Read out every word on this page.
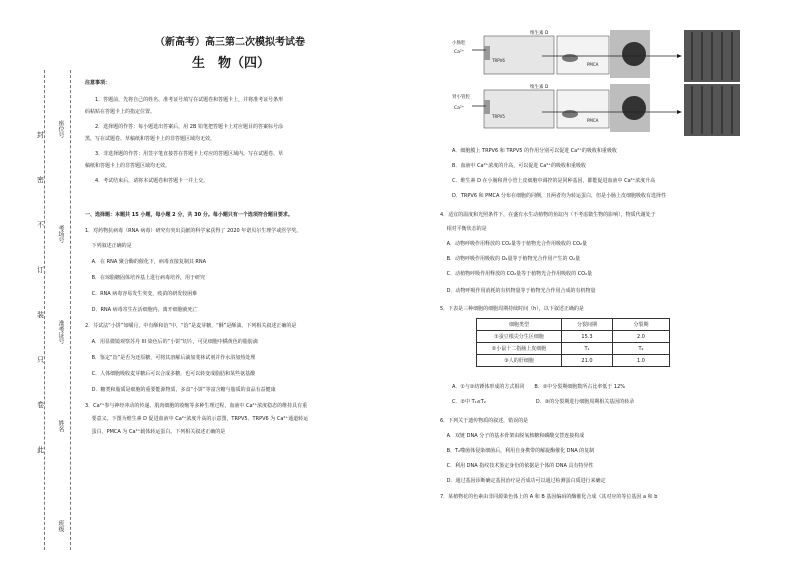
封
密
不
订
装
只
卷
此
准考证号
考场号
座位号
姓名
班级
（新高考）高三第二次模拟考试卷
生　物（四）
注意事项：
1．答题前，先将自己的姓名、准考证号填写在试题卷和答题卡上，并将准考证号条形
码粘贴在答题卡上的指定位置。
2．选择题的作答：每小题选出答案后，用 2B 铅笔把答题卡上对应题目的答案标号涂
黑，写在试题卷、草稿纸和答题卡上的非答题区域均无效。
3．非选择题的作答：用签字笔直接答在答题卡上对应的答题区域内。写在试题卷、草
稿纸和答题卡上的非答题区域均无效。
4．考试结束后，请将本试题卷和答题卡一并上交。
一、选择题：本题共 15 小题，每小题 2 分，共 30 分。每小题只有一个选项符合题目要求。
1．对药物抗病毒（RNA 病毒）研究有突出贡献的科学家获得了 2020 年诺贝尔生理学或医学奖。
　 下列叙述正确的是
　 A．在 RNA 聚合酶的催化下，病毒直接复制其 RNA
　 B．在琼脂糖固体培养基上进行病毒培养，用于研究
　 C．RNA 病毒容易发生突变，疫苗的研发较困难
　 D．RNA 病毒寄生在活细胞内，离开细胞就死亡
2．芬试法“小饼”如嚼月，中有酥和饴”中，“饴”是麦芽糖，“酥”是酥油。下列相关叙述正确的是
　 A．用显微镜观察苏丹 III 染色后的“小饼”切片，可见细胞中橘黄色的脂肪滴
　 B．鉴定“饴”是否为还原糖，可将其溶解后滴加斐林试剂并作水浴加热处理
　 C．人体细胞吸收麦芽糖后可以合成多糖，也可以转变成脂肪和某些氨基酸
　 D．糖类和脂质是细胞的重要能源物质，多食“小饼”等富含糖与脂质的食品有益健康
3．Ca²⁺参与神经冲动的传递、肌肉细胞的收缩等多种生理过程，血液中 Ca²⁺浓度稳态的维持具有重
　 要意义。下图为维生素 D 促进血液中 Ca²⁺浓度升高的示意图，TRPV5、TRPV6 为 Ca²⁺通道转运
　 蛋白，PMCA 为 Ca²⁺载体转运蛋白。下列相关叙述正确的是
小肠腔
肾小管腔
Ca²⁺
Ca²⁺
维生素 D
维生素 D
TRPV6
TRPV5
PMCA
PMCA
A．细胞膜上 TRPV6 和 TRPV5 的作用分别可以促进 Ca²⁺的吸收和重吸收
B．血液中 Ca²⁺浓度的升高，可以促进 Ca²⁺的吸收和重吸收
C．维生素 D 在小肠和肾小管上皮细胞中调控的是同种基因，都能促进血液中 Ca²⁺浓度升高
D．TRPV6 和 PMCA 分布在细胞的同侧，且两者均为转运蛋白，但是小肠上皮细胞吸收有选择性
4．适宜的温度和光照条件下，在盛有水生动植物的鱼缸内（不考虑微生物的影响），物质代谢处于
　 相对平衡状态的是
　 A．动物呼吸作用释放的 CO₂量等于植物光合作用吸收的 CO₂量
　 B．动物呼吸作用吸收的 O₂量等于植物光合作用产生的 O₂量
　 C．动植物呼吸作用释放的 CO₂量等于植物光合作用吸收的 CO₂量
　 D．动物呼吸作用消耗的有机物量等于植物光合作用合成的有机物量
5．下表是三种细胞的细胞周期持续时间（h），以下叙述正确的是
细胞类型	分裂间期	分裂期
①蚕豆根尖分生区细胞	15.3	2.0
②小鼠十二指肠上皮细胞	T₁	T₂
③人的肝细胞	21.0	1.0
A．①与②纺锤体形成的方式相同　　B．②中分裂期细胞数所占比率低于 12%
C．②中 T₁≤T₂　　　　　　　　　　D．③的分裂期进行细胞周期相关基因的转录
6．下列关于遗传物质的叙述，错误的是
　 A．双链 DNA 分子的基本骨架由脱氧核糖和磷酸交替连接构成
　 B．T₂噬菌体侵染细菌后，利用自身携带的解旋酶催化 DNA 的复制
　 C．利用 DNA 指纹技术鉴定身份的依据是个体的 DNA 具有特异性
　 D．通过基因诊断确定基因治疗是否成功可以通过检测蛋白质进行来确定
7．某植物花的色素由非同源染色体上的 A 和 B 基因编码的酶催化合成（其对应的等位基因 a 和 b
